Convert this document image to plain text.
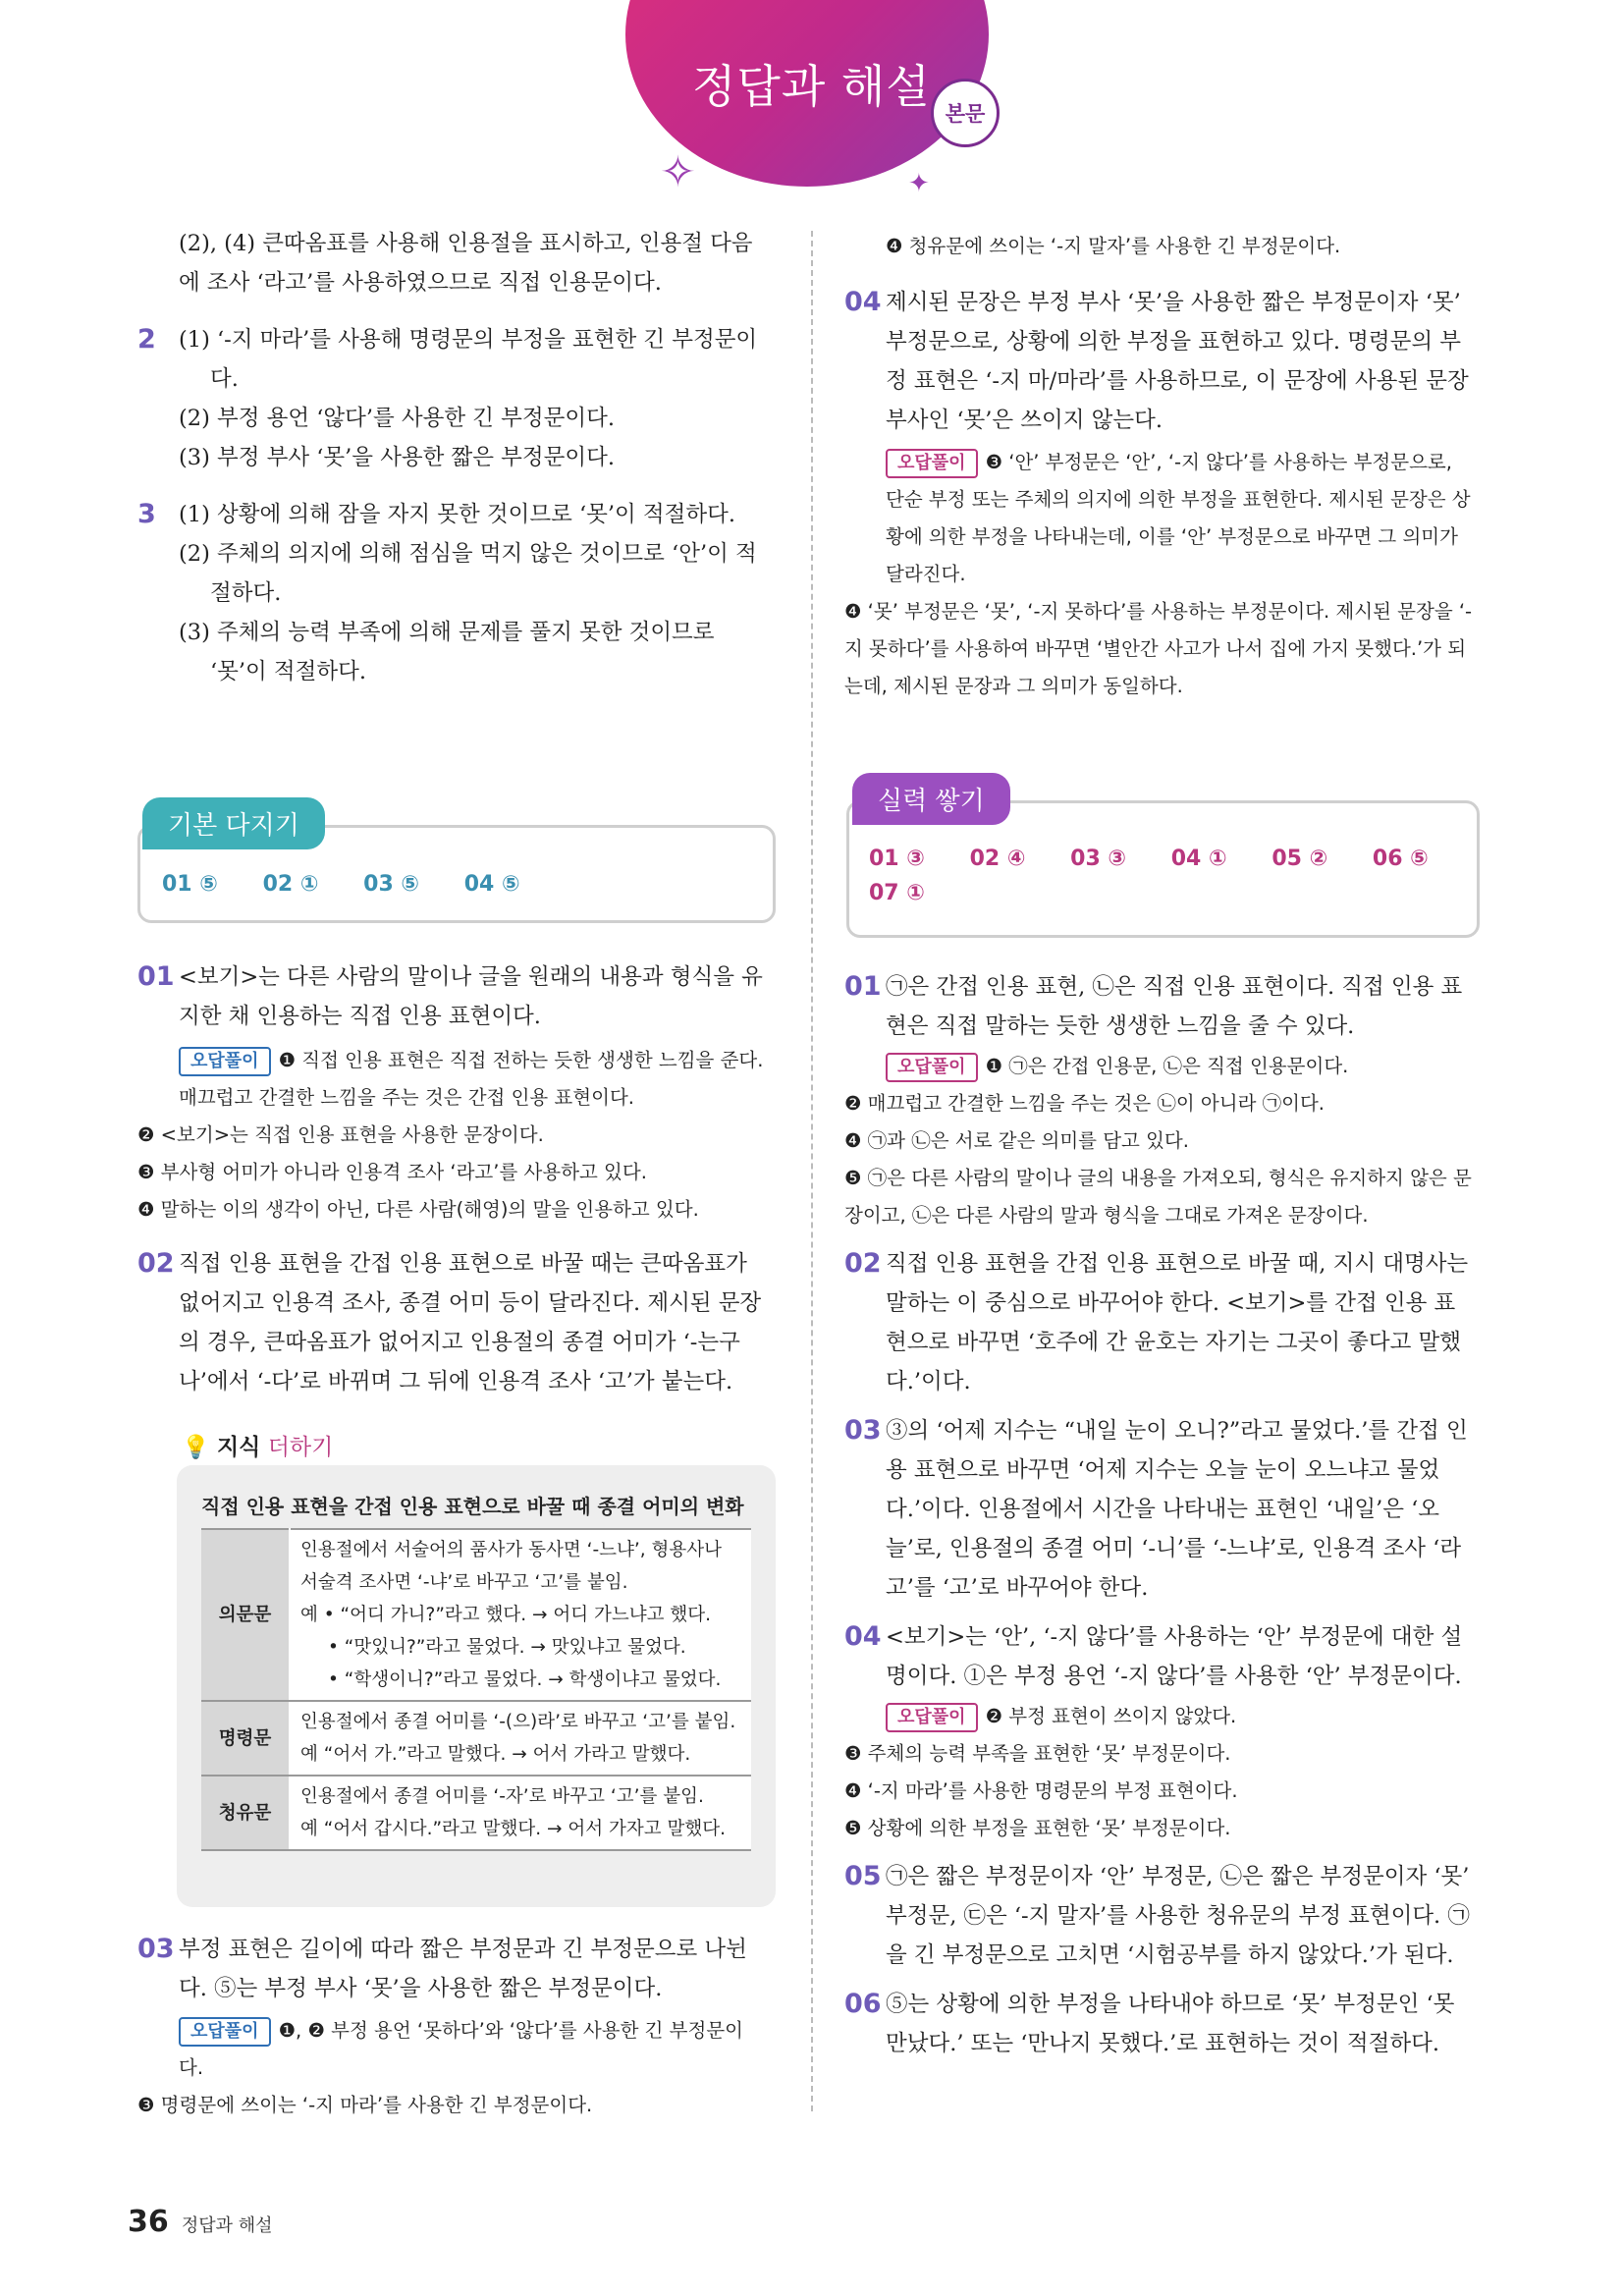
정답과 해설
본문
✧	✦

(2), (4) 큰따옴표를 사용해 인용절을 표시하고, 인용절 다음에 조사 ‘라고’를 사용하였으므로 직접 인용문이다.

2 (1) ‘-지 마라’를 사용해 명령문의 부정을 표현한 긴 부정문이다.

(2) 부정 용언 ‘않다’를 사용한 긴 부정문이다.

(3) 부정 부사 ‘못’을 사용한 짧은 부정문이다.

3 (1) 상황에 의해 잠을 자지 못한 것이므로 ‘못’이 적절하다.

(2) 주체의 의지에 의해 점심을 먹지 않은 것이므로 ‘안’이 적절하다.

(3) 주체의 능력 부족에 의해 문제를 풀지 못한 것이므로 ‘못’이 적절하다.

기본 다지기
01 ⑤ 02 ① 03 ⑤ 04 ⑤
01 <보기>는 다른 사람의 말이나 글을 원래의 내용과 형식을 유지한 채 인용하는 직접 인용 표현이다.

오답풀이 ❶ 직접 인용 표현은 직접 전하는 듯한 생생한 느낌을 준다. 매끄럽고 간결한 느낌을 주는 것은 간접 인용 표현이다.
❷ <보기>는 직접 인용 표현을 사용한 문장이다.
❸ 부사형 어미가 아니라 인용격 조사 ‘라고’를 사용하고 있다.
❹ 말하는 이의 생각이 아닌, 다른 사람(해영)의 말을 인용하고 있다.
02 직접 인용 표현을 간접 인용 표현으로 바꿀 때는 큰따옴표가 없어지고 인용격 조사, 종결 어미 등이 달라진다. 제시된 문장의 경우, 큰따옴표가 없어지고 인용절의 종결 어미가 ‘-는구나’에서 ‘-다’로 바뀌며 그 뒤에 인용격 조사 ‘고’가 붙는다.

💡 지식 더하기
직접 인용 표현을 간접 인용 표현으로 바꿀 때 종결 어미의 변화
의문문	인용절에서 서술어의 품사가 동사면 ‘-느냐’, 형용사나 서술격 조사면 ‘-냐’로 바꾸고 ‘고’를 붙임.
예 • “어디 가니?”라고 했다. → 어디 가느냐고 했다.
• “맛있니?”라고 물었다. → 맛있냐고 물었다.
• “학생이니?”라고 물었다. → 학생이냐고 물었다.

명령문	인용절에서 종결 어미를 ‘-(으)라’로 바꾸고 ‘고’를 붙임.
예 “어서 가.”라고 말했다. → 어서 가라고 말했다.

청유문	인용절에서 종결 어미를 ‘-자’로 바꾸고 ‘고’를 붙임.
예 “어서 갑시다.”라고 말했다. → 어서 가자고 말했다.
03 부정 표현은 길이에 따라 짧은 부정문과 긴 부정문으로 나뉜다. ⑤는 부정 부사 ‘못’을 사용한 짧은 부정문이다.

오답풀이 ❶, ❷ 부정 용언 ‘못하다’와 ‘않다’를 사용한 긴 부정문이다.
❸ 명령문에 쓰이는 ‘-지 마라’를 사용한 긴 부정문이다.
❹ 청유문에 쓰이는 ‘-지 말자’를 사용한 긴 부정문이다.
04 제시된 문장은 부정 부사 ‘못’을 사용한 짧은 부정문이자 ‘못’ 부정문으로, 상황에 의한 부정을 표현하고 있다. 명령문의 부정 표현은 ‘-지 마/마라’를 사용하므로, 이 문장에 사용된 문장 부사인 ‘못’은 쓰이지 않는다.

오답풀이 ❸ ‘안’ 부정문은 ‘안’, ‘-지 않다’를 사용하는 부정문으로, 단순 부정 또는 주체의 의지에 의한 부정을 표현한다. 제시된 문장은 상황에 의한 부정을 나타내는데, 이를 ‘안’ 부정문으로 바꾸면 그 의미가 달라진다.
❹ ‘못’ 부정문은 ‘못’, ‘-지 못하다’를 사용하는 부정문이다. 제시된 문장을 ‘-지 못하다’를 사용하여 바꾸면 ‘별안간 사고가 나서 집에 가지 못했다.’가 되는데, 제시된 문장과 그 의미가 동일하다.
실력 쌓기
01 ③ 02 ④ 03 ③ 04 ① 05 ② 06 ⑤
07 ①
01 ㉠은 간접 인용 표현, ㉡은 직접 인용 표현이다. 직접 인용 표현은 직접 말하는 듯한 생생한 느낌을 줄 수 있다.

오답풀이 ❶ ㉠은 간접 인용문, ㉡은 직접 인용문이다.
❷ 매끄럽고 간결한 느낌을 주는 것은 ㉡이 아니라 ㉠이다.
❹ ㉠과 ㉡은 서로 같은 의미를 담고 있다.
❺ ㉠은 다른 사람의 말이나 글의 내용을 가져오되, 형식은 유지하지 않은 문장이고, ㉡은 다른 사람의 말과 형식을 그대로 가져온 문장이다.
02 직접 인용 표현을 간접 인용 표현으로 바꿀 때, 지시 대명사는 말하는 이 중심으로 바꾸어야 한다. <보기>를 간접 인용 표현으로 바꾸면 ‘호주에 간 윤호는 자기는 그곳이 좋다고 말했다.’이다.

03 ③의 ‘어제 지수는 “내일 눈이 오니?”라고 물었다.’를 간접 인용 표현으로 바꾸면 ‘어제 지수는 오늘 눈이 오느냐고 물었다.’이다. 인용절에서 시간을 나타내는 표현인 ‘내일’은 ‘오늘’로, 인용절의 종결 어미 ‘-니’를 ‘-느냐’로, 인용격 조사 ‘라고’를 ‘고’로 바꾸어야 한다.

04 <보기>는 ‘안’, ‘-지 않다’를 사용하는 ‘안’ 부정문에 대한 설명이다. ①은 부정 용언 ‘-지 않다’를 사용한 ‘안’ 부정문이다.

오답풀이 ❷ 부정 표현이 쓰이지 않았다.
❸ 주체의 능력 부족을 표현한 ‘못’ 부정문이다.
❹ ‘-지 마라’를 사용한 명령문의 부정 표현이다.
❺ 상황에 의한 부정을 표현한 ‘못’ 부정문이다.
05 ㉠은 짧은 부정문이자 ‘안’ 부정문, ㉡은 짧은 부정문이자 ‘못’ 부정문, ㉢은 ‘-지 말자’를 사용한 청유문의 부정 표현이다. ㉠을 긴 부정문으로 고치면 ‘시험공부를 하지 않았다.’가 된다.

06 ⑤는 상황에 의한 부정을 나타내야 하므로 ‘못’ 부정문인 ‘못 만났다.’ 또는 ‘만나지 못했다.’로 표현하는 것이 적절하다.

36 정답과 해설
